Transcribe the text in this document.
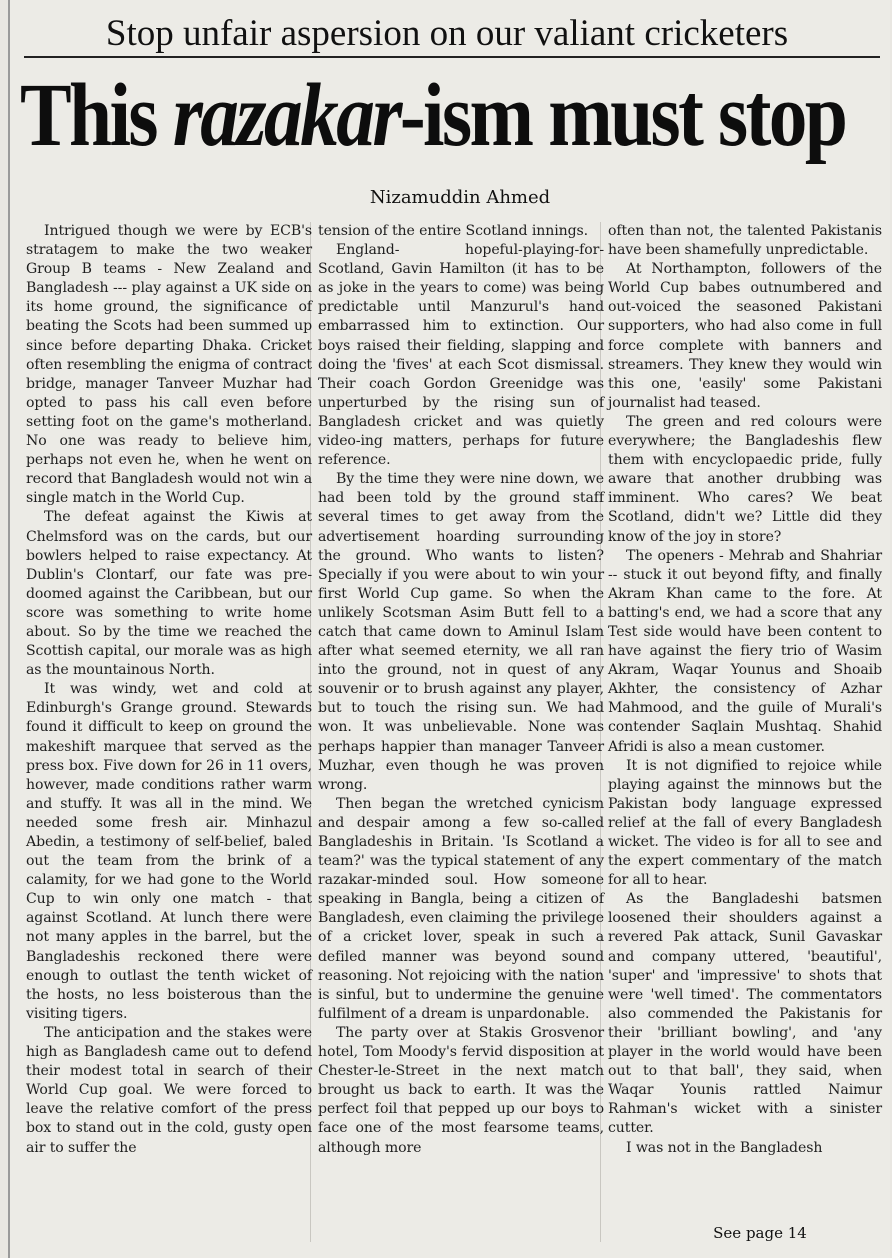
Stop unfair aspersion on our valiant cricketers
This razakar-ism must stop
Nizamuddin Ahmed

Intrigued though we were by ECB's stratagem to make the two weaker Group B teams - New Zealand and Bangladesh --- play against a UK side on its home ground, the significance of beating the Scots had been summed up since before departing Dhaka. Cricket often resembling the enigma of contract bridge, manager Tanveer Muzhar had opted to pass his call even before setting foot on the game's motherland. No one was ready to believe him, perhaps not even he, when he went on record that Bangladesh would not win a single match in the World Cup.

The defeat against the Kiwis at Chelmsford was on the cards, but our bowlers helped to raise expectancy. At Dublin's Clontarf, our fate was pre-doomed against the Caribbean, but our score was something to write home about. So by the time we reached the Scottish capital, our morale was as high as the mountainous North.

It was windy, wet and cold at Edinburgh's Grange ground. Stewards found it difficult to keep on ground the makeshift marquee that served as the press box. Five down for 26 in 11 overs, however, made conditions rather warm and stuffy. It was all in the mind. We needed some fresh air. Minhazul Abedin, a testimony of self-belief, baled out the team from the brink of a calamity, for we had gone to the World Cup to win only one match - that against Scotland. At lunch there were not many apples in the barrel, but the Bangladeshis reckoned there were enough to outlast the tenth wicket of the hosts, no less boisterous than the visiting tigers.

The anticipation and the stakes were high as Bangladesh came out to defend their modest total in search of their World Cup goal. We were forced to leave the relative comfort of the press box to stand out in the cold, gusty open air to suffer the

tension of the entire Scotland innings.

England- hopeful-playing-for-Scotland, Gavin Hamilton (it has to be as joke in the years to come) was being predictable until Manzurul's hand embarrassed him to extinction. Our boys raised their fielding, slapping and doing the 'fives' at each Scot dismissal. Their coach Gordon Greenidge was unperturbed by the rising sun of Bangladesh cricket and was quietly video-ing matters, perhaps for future reference.

By the time they were nine down, we had been told by the ground staff several times to get away from the advertisement hoarding surrounding the ground. Who wants to listen? Specially if you were about to win your first World Cup game. So when the unlikely Scotsman Asim Butt fell to a catch that came down to Aminul Islam after what seemed eternity, we all ran into the ground, not in quest of any souvenir or to brush against any player, but to touch the rising sun. We had won. It was unbelievable. None was perhaps happier than manager Tanveer Muzhar, even though he was proven wrong.

Then began the wretched cynicism and despair among a few so-called Bangladeshis in Britain. 'Is Scotland a team?' was the typical statement of any razakar-minded soul. How someone speaking in Bangla, being a citizen of Bangladesh, even claiming the privilege of a cricket lover, speak in such a defiled manner was beyond sound reasoning. Not rejoicing with the nation is sinful, but to undermine the genuine fulfilment of a dream is unpardonable.

The party over at Stakis Grosvenor hotel, Tom Moody's fervid disposition at Chester-le-Street in the next match brought us back to earth. It was the perfect foil that pepped up our boys to face one of the most fearsome teams, although more

often than not, the talented Pakistanis have been shamefully unpredictable.

At Northampton, followers of the World Cup babes outnumbered and out-voiced the seasoned Pakistani supporters, who had also come in full force complete with banners and streamers. They knew they would win this one, 'easily' some Pakistani journalist had teased.

The green and red colours were everywhere; the Bangladeshis flew them with encyclopaedic pride, fully aware that another drubbing was imminent. Who cares? We beat Scotland, didn't we? Little did they know of the joy in store?

The openers - Mehrab and Shahriar -- stuck it out beyond fifty, and finally Akram Khan came to the fore. At batting's end, we had a score that any Test side would have been content to have against the fiery trio of Wasim Akram, Waqar Younus and Shoaib Akhter, the consistency of Azhar Mahmood, and the guile of Murali's contender Saqlain Mushtaq. Shahid Afridi is also a mean customer.

It is not dignified to rejoice while playing against the minnows but the Pakistan body language expressed relief at the fall of every Bangladesh wicket. The video is for all to see and the expert commentary of the match for all to hear.

As the Bangladeshi batsmen loosened their shoulders against a revered Pak attack, Sunil Gavaskar and company uttered, 'beautiful', 'super' and 'impressive' to shots that were 'well timed'. The commentators also commended the Pakistanis for their 'brilliant bowling', and 'any player in the world would have been out to that ball', they said, when Waqar Younis rattled Naimur Rahman's wicket with a sinister cutter.

I was not in the Bangladesh

See page 14
